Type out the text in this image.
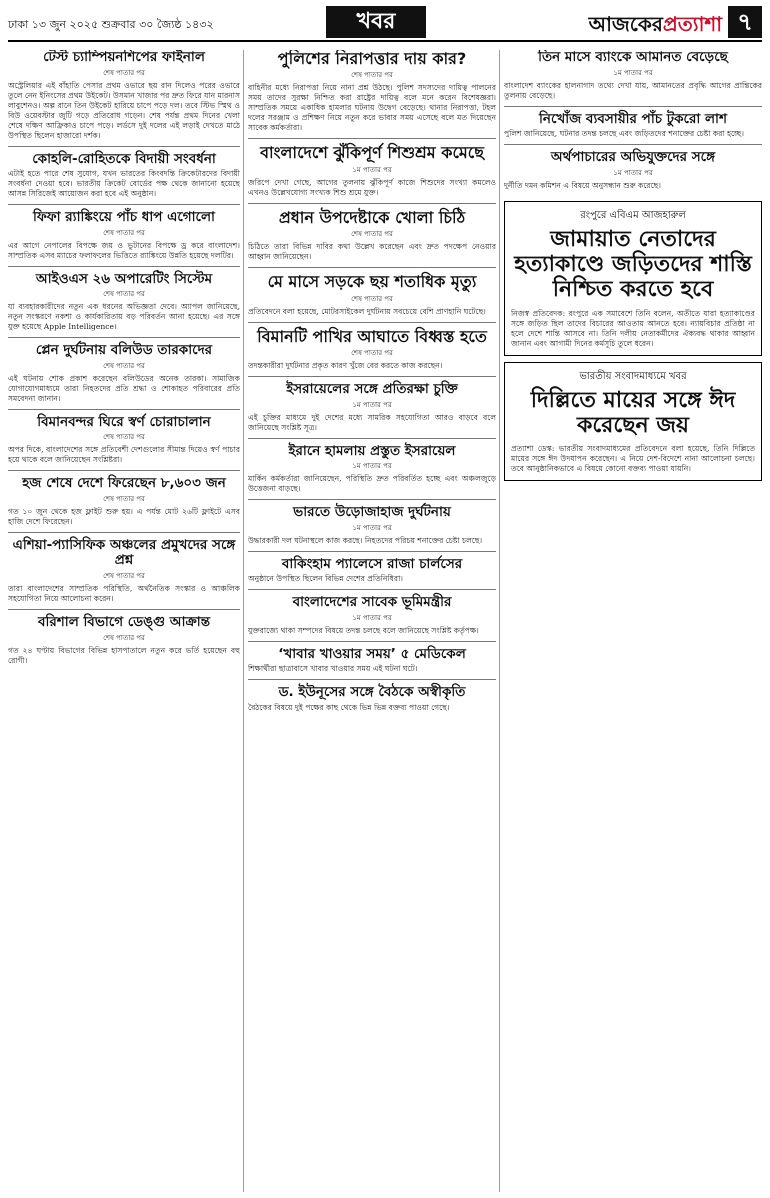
ঢাকা ১৩ জুন ২০২৫ শুক্রবার ৩০ জ্যৈষ্ঠ ১৪৩২	খবর	আজকেরপ্রত্যাশা ৭
টেস্ট চ্যাম্পিয়নশিপের ফাইনাল
শেষ পাতার পর
অস্ট্রেলিয়ার এই বাঁহাতি পেসার প্রথম ওভারে ছয় রান দিলেও পরের ওভারে তুলে নেন ইনিংসের প্রথম উইকেট। উসমান খাজার পর দ্রুত ফিরে যান মারনাস লাবুশেনও। অল্প রানে তিন উইকেট হারিয়ে চাপে পড়ে দল। তবে স্টিভ স্মিথ ও বিউ ওয়েবস্টার জুটি গড়ে প্রতিরোধ গড়েন। শেষ পর্যন্ত প্রথম দিনের খেলা শেষে দক্ষিণ আফ্রিকাও চাপে পড়ে। লর্ডসে দুই দলের এই লড়াই দেখতে মাঠে উপস্থিত ছিলেন হাজারো দর্শক।
কোহলি-রোহিতকে বিদায়ী সংবর্ধনা
এটাই হতে পারে শেষ সুযোগ, যখন ভারতের কিংবদন্তি ক্রিকেটারদের বিদায়ী সংবর্ধনা দেওয়া হবে। ভারতীয় ক্রিকেট বোর্ডের পক্ষ থেকে জানানো হয়েছে আসন্ন সিরিজেই আয়োজন করা হবে এই অনুষ্ঠান।
ফিফা র‌্যাঙ্কিংয়ে পাঁচ ধাপ এগোলো
শেষ পাতার পর
এর আগে নেপালের বিপক্ষে জয় ও ভুটানের বিপক্ষে ড্র করে বাংলাদেশ। সাম্প্রতিক এসব ম্যাচের ফলাফলের ভিত্তিতে র‌্যাঙ্কিংয়ে উন্নতি হয়েছে দলটির।
আইওএস ২৬ অপারেটিং সিস্টেম
শেষ পাতার পর
যা ব্যবহারকারীদের নতুন এক ধরনের অভিজ্ঞতা দেবে। অ্যাপল জানিয়েছে, নতুন সংস্করণে নকশা ও কার্যকারিতায় বড় পরিবর্তন আনা হয়েছে। এর সঙ্গে যুক্ত হয়েছে Apple Intelligence।
প্লেন দুর্ঘটনায় বলিউড তারকাদের
শেষ পাতার পর
এই ঘটনায় শোক প্রকাশ করেছেন বলিউডের অনেক তারকা। সামাজিক যোগাযোগমাধ্যমে তারা নিহতদের প্রতি শ্রদ্ধা ও শোকাহত পরিবারের প্রতি সমবেদনা জানান।
বিমানবন্দর ঘিরে স্বর্ণ চোরাচালান
শেষ পাতার পর
অপর দিকে, বাংলাদেশের সঙ্গে প্রতিবেশী দেশগুলোর সীমান্ত দিয়েও স্বর্ণ পাচার হয়ে থাকে বলে জানিয়েছেন সংশ্লিষ্টরা।
হজ শেষে দেশে ফিরেছেন ৮,৬০৩ জন
শেষ পাতার পর
গত ১০ জুন থেকে হজ ফ্লাইট শুরু হয়। এ পর্যন্ত মোট ২৬টি ফ্লাইটে এসব হাজি দেশে ফিরেছেন।
এশিয়া-প্যাসিফিক অঞ্চলের প্রমুখদের সঙ্গে প্রশ্ন
শেষ পাতার পর
তারা বাংলাদেশের সাম্প্রতিক পরিস্থিতি, অর্থনৈতিক সংস্কার ও আঞ্চলিক সহযোগিতা নিয়ে আলোচনা করেন।
বরিশাল বিভাগে ডেঙ্গু আক্রান্ত
শেষ পাতার পর
গত ২৪ ঘণ্টায় বিভাগের বিভিন্ন হাসপাতালে নতুন করে ভর্তি হয়েছেন বহু রোগী।
পুলিশের নিরাপত্তার দায় কার?
শেষ পাতার পর
বাহিনীর মধ্যে নিরাপত্তা নিয়ে নানা প্রশ্ন উঠছে। পুলিশ সদস্যদের দায়িত্ব পালনের সময় তাদের সুরক্ষা নিশ্চিত করা রাষ্ট্রের দায়িত্ব বলে মনে করেন বিশেষজ্ঞরা। সাম্প্রতিক সময়ে একাধিক হামলার ঘটনায় উদ্বেগ বেড়েছে। থানার নিরাপত্তা, টহল দলের সরঞ্জাম ও প্রশিক্ষণ নিয়ে নতুন করে ভাবার সময় এসেছে বলে মত দিয়েছেন সাবেক কর্মকর্তারা।
বাংলাদেশে ঝুঁকিপূর্ণ শিশুশ্রম কমেছে
১ম পাতার পর
জরিপে দেখা গেছে, আগের তুলনায় ঝুঁকিপূর্ণ কাজে শিশুদের সংখ্যা কমলেও এখনও উল্লেখযোগ্য সংখ্যক শিশু শ্রমে যুক্ত।
প্রধান উপদেষ্টাকে খোলা চিঠি
শেষ পাতার পর
চিঠিতে তারা বিভিন্ন দাবির কথা উল্লেখ করেছেন এবং দ্রুত পদক্ষেপ নেওয়ার আহ্বান জানিয়েছেন।
মে মাসে সড়কে ছয় শতাধিক মৃত্যু
শেষ পাতার পর
প্রতিবেদনে বলা হয়েছে, মোটরসাইকেল দুর্ঘটনায় সবচেয়ে বেশি প্রাণহানি ঘটেছে।
বিমানটি পাখির আঘাতে বিধ্বস্ত হতে
শেষ পাতার পর
তদন্তকারীরা দুর্ঘটনার প্রকৃত কারণ খুঁজে বের করতে কাজ করছেন।
ইসরায়েলের সঙ্গে প্রতিরক্ষা চুক্তি
১ম পাতার পর
এই চুক্তির মাধ্যমে দুই দেশের মধ্যে সামরিক সহযোগিতা আরও বাড়বে বলে জানিয়েছে সংশ্লিষ্ট সূত্র।
ইরানে হামলায় প্রস্তুত ইসরায়েল
১ম পাতার পর
মার্কিন কর্মকর্তারা জানিয়েছেন, পরিস্থিতি দ্রুত পরিবর্তিত হচ্ছে এবং অঞ্চলজুড়ে উত্তেজনা বাড়ছে।
ভারতে উড়োজাহাজ দুর্ঘটনায়
১ম পাতার পর
উদ্ধারকারী দল ঘটনাস্থলে কাজ করছে। নিহতদের পরিচয় শনাক্তের চেষ্টা চলছে।
বাকিংহাম প্যালেসে রাজা চার্লসের
অনুষ্ঠানে উপস্থিত ছিলেন বিভিন্ন দেশের প্রতিনিধিরা।
বাংলাদেশের সাবেক ভূমিমন্ত্রীর
১ম পাতার পর
যুক্তরাজ্যে থাকা সম্পদের বিষয়ে তদন্ত চলছে বলে জানিয়েছে সংশ্লিষ্ট কর্তৃপক্ষ।
‘খাবার খাওয়ার সময়’ ৫ মেডিকেল
শিক্ষার্থীরা ছাত্রাবাসে খাবার খাওয়ার সময় এই ঘটনা ঘটে।
ড. ইউনূসের সঙ্গে বৈঠকে অস্বীকৃতি
বৈঠকের বিষয়ে দুই পক্ষের কাছ থেকে ভিন্ন ভিন্ন বক্তব্য পাওয়া গেছে।
তিন মাসে ব্যাংকে আমানত বেড়েছে
১ম পাতার পর
বাংলাদেশ ব্যাংকের হালনাগাদ তথ্যে দেখা যায়, আমানতের প্রবৃদ্ধি আগের প্রান্তিকের তুলনায় বেড়েছে।
নিখোঁজ ব্যবসায়ীর পাঁচ টুকরো লাশ
পুলিশ জানিয়েছে, ঘটনার তদন্ত চলছে এবং জড়িতদের শনাক্তের চেষ্টা করা হচ্ছে।
অর্থপাচারের অভিযুক্তদের সঙ্গে
১ম পাতার পর
দুর্নীতি দমন কমিশন এ বিষয়ে অনুসন্ধান শুরু করেছে।
রংপুরে এবিএম আজহারুল
জামায়াত নেতাদের হত্যাকাণ্ডে জড়িতদের শাস্তি নিশ্চিত করতে হবে
নিজস্ব প্রতিবেদক: রংপুরে এক সমাবেশে তিনি বলেন, অতীতে যারা হত্যাকাণ্ডের সঙ্গে জড়িত ছিল তাদের বিচারের আওতায় আনতে হবে। ন্যায়বিচার প্রতিষ্ঠা না হলে দেশে শান্তি আসবে না। তিনি দলীয় নেতাকর্মীদের ঐক্যবদ্ধ থাকার আহ্বান জানান এবং আগামী দিনের কর্মসূচি তুলে ধরেন।
ভারতীয় সংবাদমাধ্যমে খবর
দিল্লিতে মায়ের সঙ্গে ঈদ করেছেন জয়
প্রত্যাশা ডেস্ক: ভারতীয় সংবাদমাধ্যমের প্রতিবেদনে বলা হয়েছে, তিনি দিল্লিতে মায়ের সঙ্গে ঈদ উদযাপন করেছেন। এ নিয়ে দেশ-বিদেশে নানা আলোচনা চলছে। তবে আনুষ্ঠানিকভাবে এ বিষয়ে কোনো বক্তব্য পাওয়া যায়নি।
